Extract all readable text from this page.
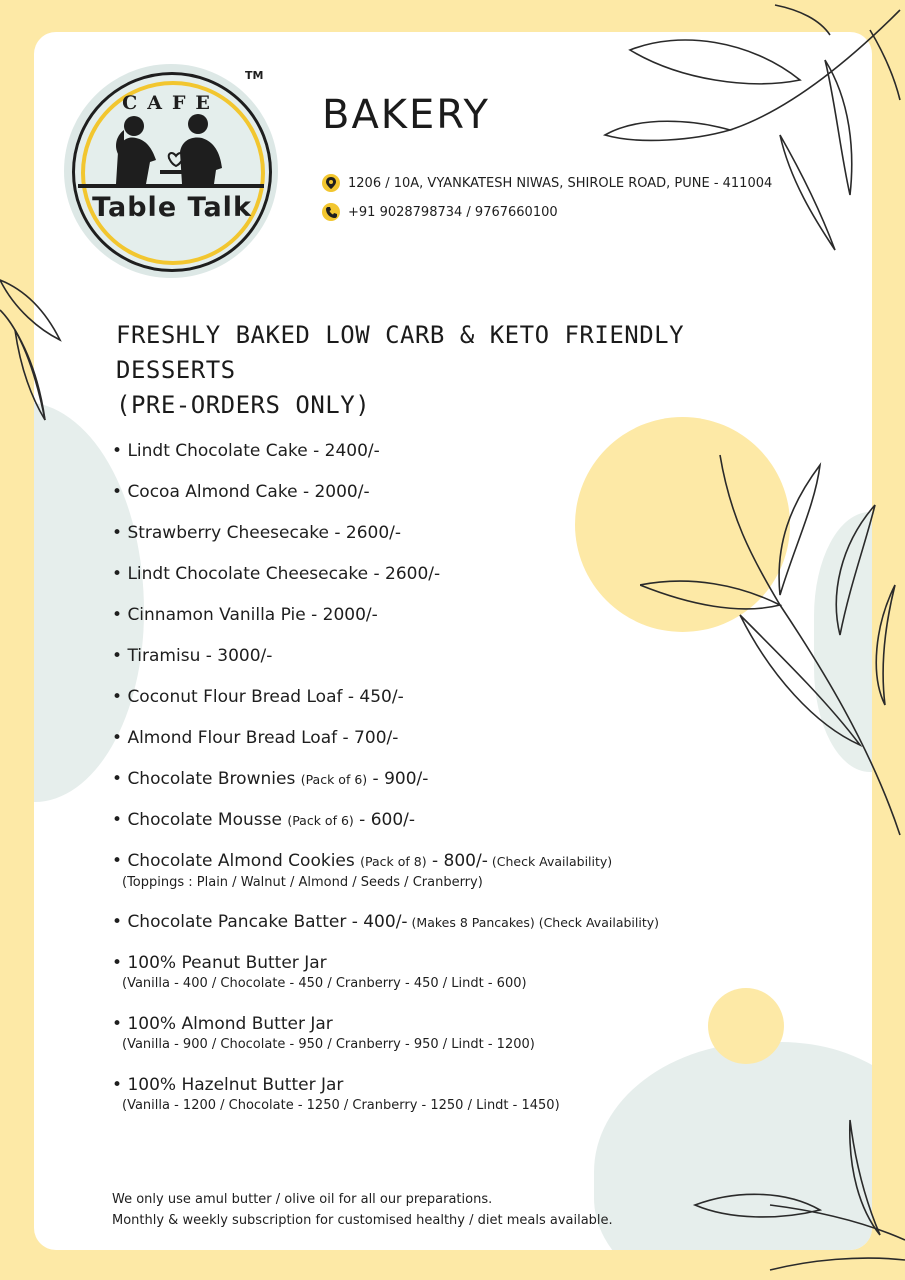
CAFE
Table Talk
TM
BAKERY
1206 / 10A, VYANKATESH NIWAS, SHIROLE ROAD, PUNE - 411004
+91 9028798734 / 9767660100
FRESHLY BAKED LOW CARB & KETO FRIENDLY DESSERTS
(PRE-ORDERS ONLY)
• Lindt Chocolate Cake - 2400/-
• Cocoa Almond Cake - 2000/-
• Strawberry Cheesecake - 2600/-
• Lindt Chocolate Cheesecake - 2600/-
• Cinnamon Vanilla Pie - 2000/-
• Tiramisu - 3000/-
• Coconut Flour Bread Loaf - 450/-
• Almond Flour Bread Loaf - 700/-
• Chocolate Brownies (Pack of 6) - 900/-
• Chocolate Mousse (Pack of 6) - 600/-
• Chocolate Almond Cookies (Pack of 8) - 800/- (Check Availability)
(Toppings : Plain / Walnut / Almond / Seeds / Cranberry)
• Chocolate Pancake Batter - 400/- (Makes 8 Pancakes) (Check Availability)
• 100% Peanut Butter Jar
(Vanilla - 400 / Chocolate - 450 / Cranberry - 450 / Lindt - 600)
• 100% Almond Butter Jar
(Vanilla - 900 / Chocolate - 950 / Cranberry - 950 / Lindt - 1200)
• 100% Hazelnut Butter Jar
(Vanilla - 1200 / Chocolate - 1250 / Cranberry - 1250 / Lindt - 1450)
We only use amul butter / olive oil for all our preparations.
Monthly & weekly subscription for customised healthy / diet meals available.
